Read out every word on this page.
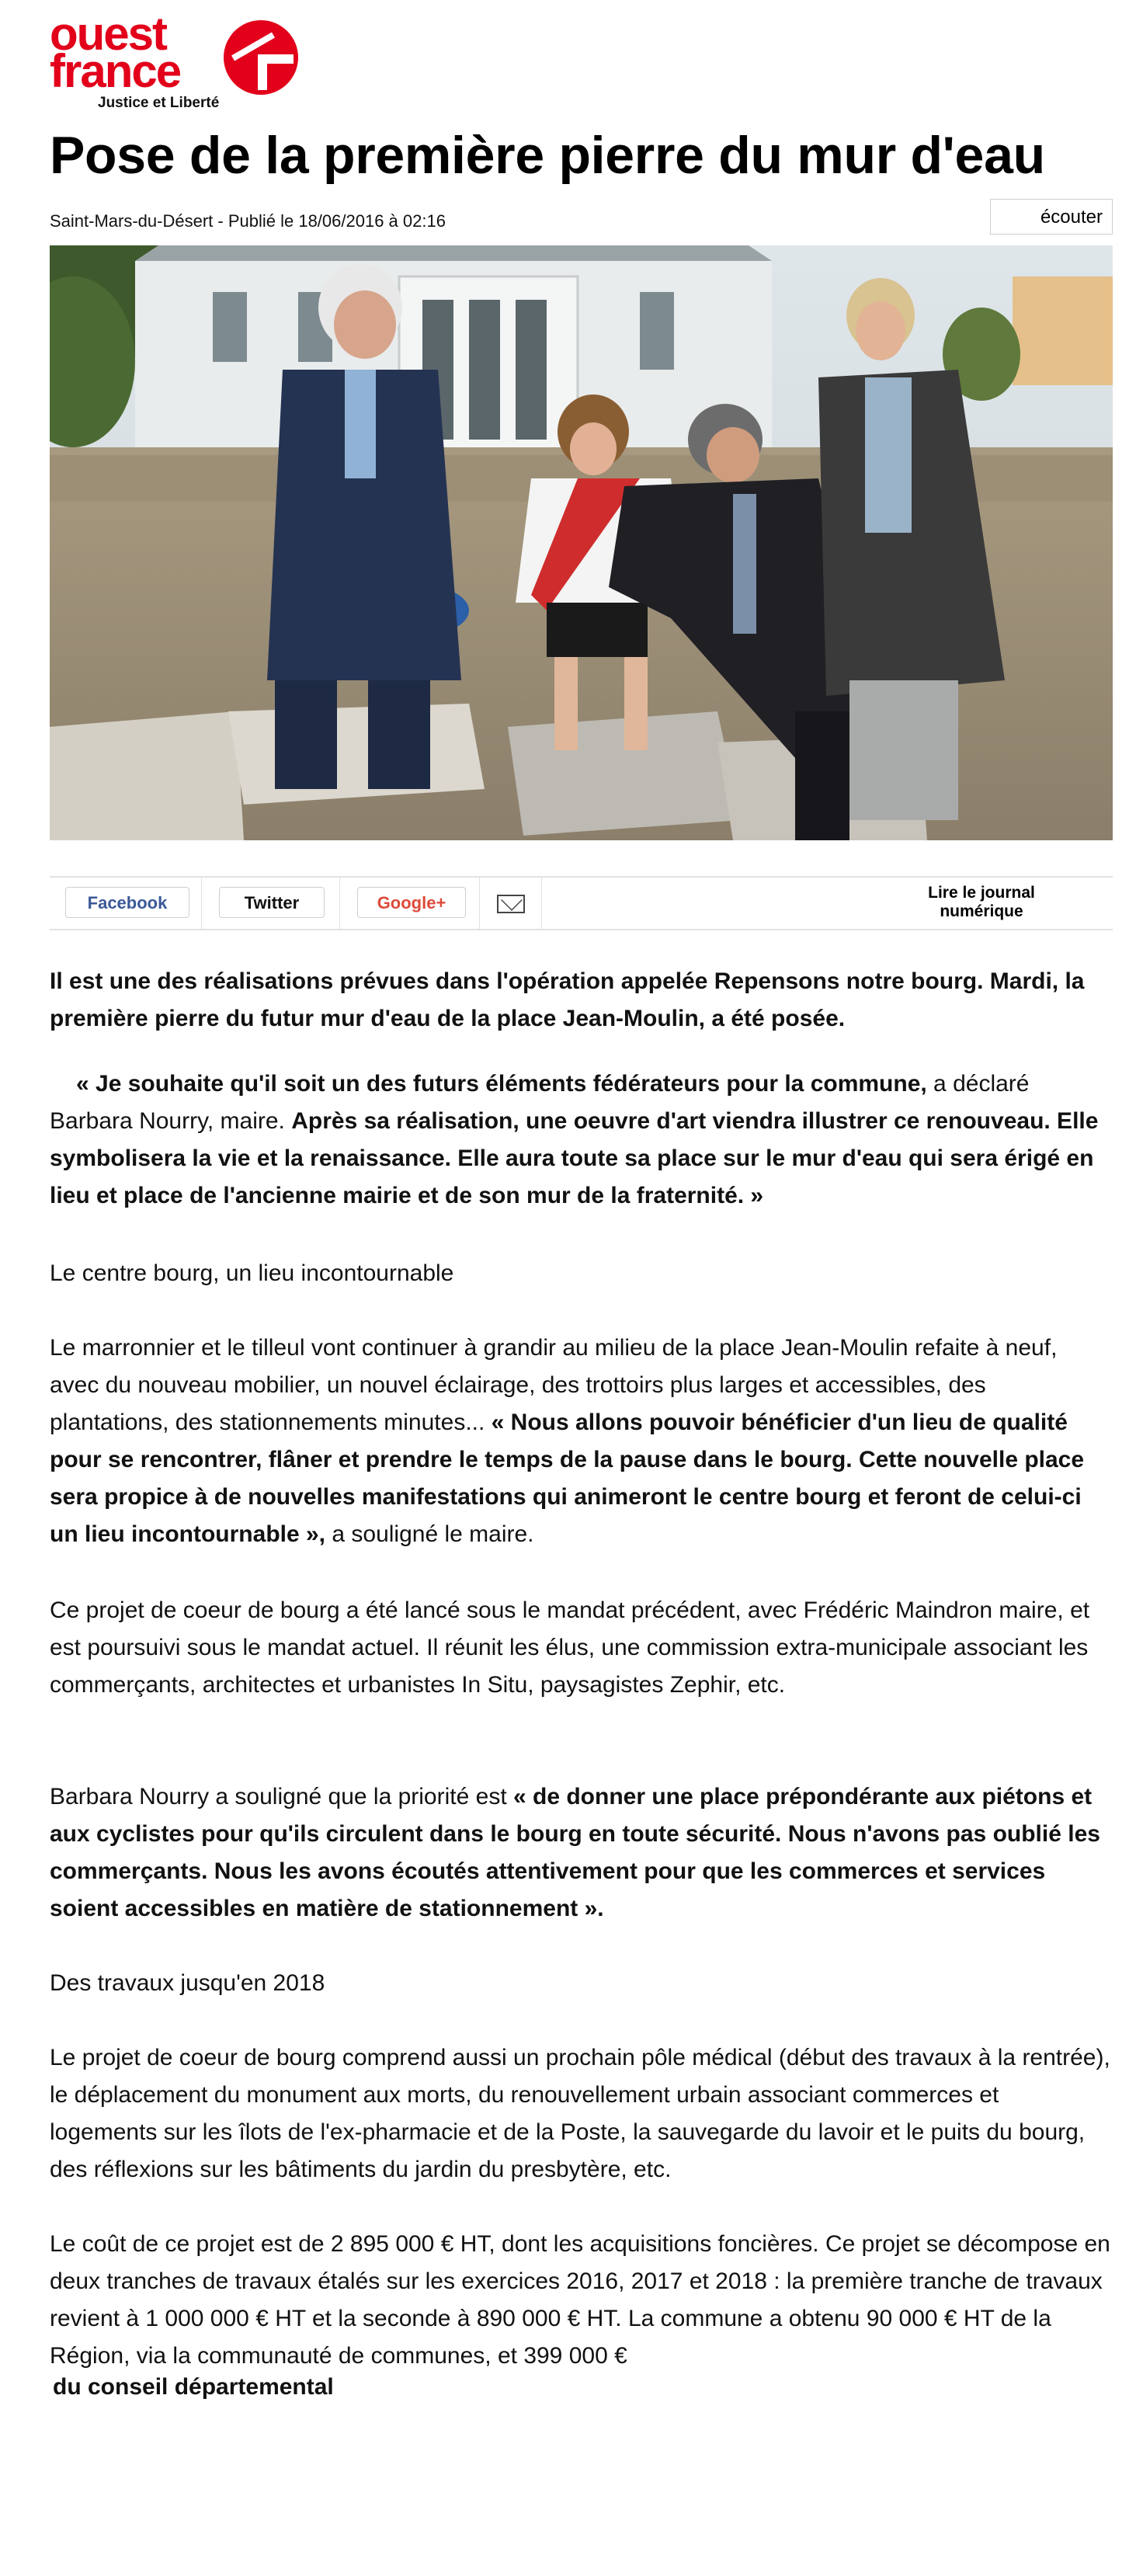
ouest
france
Justice et Liberté
Pose de la première pierre du mur d'eau
Saint-Mars-du-Désert - Publié le 18/06/2016 à 02:16	écouter
Facebook	Twitter	Google+
Lire le journal numérique

Il est une des réalisations prévues dans l'opération appelée Repensons notre bourg. Mardi, la première pierre du futur mur d'eau de la place Jean-Moulin, a été posée.

« Je souhaite qu'il soit un des futurs éléments fédérateurs pour la commune, a déclaré Barbara Nourry, maire. Après sa réalisation, une oeuvre d'art viendra illustrer ce renouveau. Elle symbolisera la vie et la renaissance. Elle aura toute sa place sur le mur d'eau qui sera érigé en lieu et place de l'ancienne mairie et de son mur de la fraternité. »

Le centre bourg, un lieu incontournable

Le marronnier et le tilleul vont continuer à grandir au milieu de la place Jean-Moulin refaite à neuf, avec du nouveau mobilier, un nouvel éclairage, des trottoirs plus larges et accessibles, des plantations, des stationnements minutes... « Nous allons pouvoir bénéficier d'un lieu de qualité pour se rencontrer, flâner et prendre le temps de la pause dans le bourg. Cette nouvelle place sera propice à de nouvelles manifestations qui animeront le centre bourg et feront de celui-ci un lieu incontournable », a souligné le maire.

Ce projet de coeur de bourg a été lancé sous le mandat précédent, avec Frédéric Maindron maire, et est poursuivi sous le mandat actuel. Il réunit les élus, une commission extra-municipale associant les commerçants, architectes et urbanistes In Situ, paysagistes Zephir, etc.

Barbara Nourry a souligné que la priorité est « de donner une place prépondérante aux piétons et aux cyclistes pour qu'ils circulent dans le bourg en toute sécurité. Nous n'avons pas oublié les commerçants. Nous les avons écoutés attentivement pour que les commerces et services soient accessibles en matière de stationnement ».

Des travaux jusqu'en 2018

Le projet de coeur de bourg comprend aussi un prochain pôle médical (début des travaux à la rentrée), le déplacement du monument aux morts, du renouvellement urbain associant commerces et logements sur les îlots de l'ex-pharmacie et de la Poste, la sauvegarde du lavoir et le puits du bourg, des réflexions sur les bâtiments du jardin du presbytère, etc.

Le coût de ce projet est de 2 895 000 € HT, dont les acquisitions foncières. Ce projet se décompose en deux tranches de travaux étalés sur les exercices 2016, 2017 et 2018 : la première tranche de travaux revient à 1 000 000 € HT et la seconde à 890 000 € HT. La commune a obtenu 90 000 € HT de la Région, via la communauté de communes, et 399 000 €

du conseil départemental
